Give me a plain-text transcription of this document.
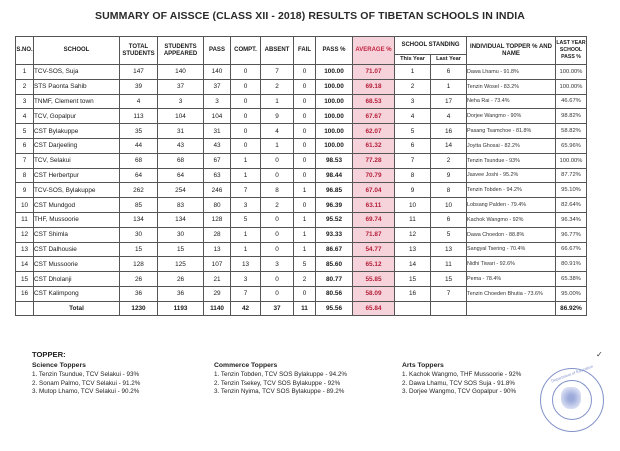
SUMMARY OF AISSCE (CLASS XII - 2018) RESULTS OF TIBETAN SCHOOLS IN INDIA
S.NO.	SCHOOL	TOTAL STUDENTS	STUDENTS APPEARED	PASS	COMPT.	ABSENT	FAIL	PASS %	AVERAGE %	SCHOOL STANDING		INDIVIDUAL TOPPER % AND NAME	LAST YEAR SCHOOL PASS %
										This Year	Last Year		
1	TCV-SOS, Suja	147	140	140	0	7	0	100.00	71.07	1	6	Dawa Lhamu - 91.8%	100.00%
2	STS Paonta Sahib	39	37	37	0	2	0	100.00	69.18	2	1	Tenzin Wosel - 83.2%	100.00%
3	TNMF, Clement town	4	3	3	0	1	0	100.00	68.53	3	17	Neha Rai - 73.4%	46.67%
4	TCV, Gopalpur	113	104	104	0	9	0	100.00	67.67	4	4	Dorjee Wangmo - 90%	98.82%
5	CST Bylakuppe	35	31	31	0	4	0	100.00	62.07	5	16	Pasang Tsamchoe - 81.8%	58.82%
6	CST Darjeeling	44	43	43	0	1	0	100.00	61.32	6	14	Joyita Ghosai - 82.2%	65.96%
7	TCV, Selakui	68	68	67	1	0	0	98.53	77.28	7	2	Tenzin Tsundue - 93%	100.00%
8	CST Herbertpur	64	64	63	1	0	0	98.44	70.79	8	9	Jasvee Joshi - 95.2%	87.72%
9	TCV-SOS, Bylakuppe	262	254	246	7	8	1	96.85	67.04	9	8	Tenzin Tobden - 94.2%	95.10%
10	CST Mundgod	85	83	80	3	2	0	96.39	63.11	10	10	Lobsang Palden - 79.4%	82.64%
11	THF, Mussoorie	134	134	128	5	0	1	95.52	69.74	11	6	Kachok Wangmo - 92%	96.34%
12	CST Shimla	30	30	28	1	0	1	93.33	71.87	12	5	Dawa Choedon - 88.8%	96.77%
13	CST Dalhousie	15	15	13	1	0	1	86.67	54.77	13	13	Sangyal Tsering - 70.4%	66.67%
14	CST Mussoorie	128	125	107	13	3	5	85.60	65.12	14	11	Nidhi Tiwari - 92.6%	80.91%
15	CST Dholanji	26	26	21	3	0	2	80.77	55.85	15	15	Pema - 78.4%	65.38%
16	CST Kalimpong	36	36	29	7	0	0	80.56	58.09	16	7	Tenzin Choeden Bhutia - 73.6%	95.00%
	Total	1230	1193	1140	42	37	11	95.56	65.84				86.92%
✓
TOPPER:
Science Toppers
1. Tenzin Tsundue, TCV Selakui - 93%
2. Sonam Palmo, TCV Selakui - 91.2%
3. Mutop Lhamo, TCV Selakui - 90.2%
Commerce Toppers
1. Tenzin Tobden, TCV SOS Bylakuppe - 94.2%
2. Tenzin Tsekey, TCV SOS Bylakuppe - 92%
3. Tenzin Nyima, TCV SOS Bylakuppe - 89.2%
Arts Toppers
1. Kachok Wangmo, THF Mussoorie - 92%
2. Dawa Lhamu, TCV SOS Suja - 91.8%
3. Dorjee Wangmo, TCV Gopalpur - 90%
Department of Education
